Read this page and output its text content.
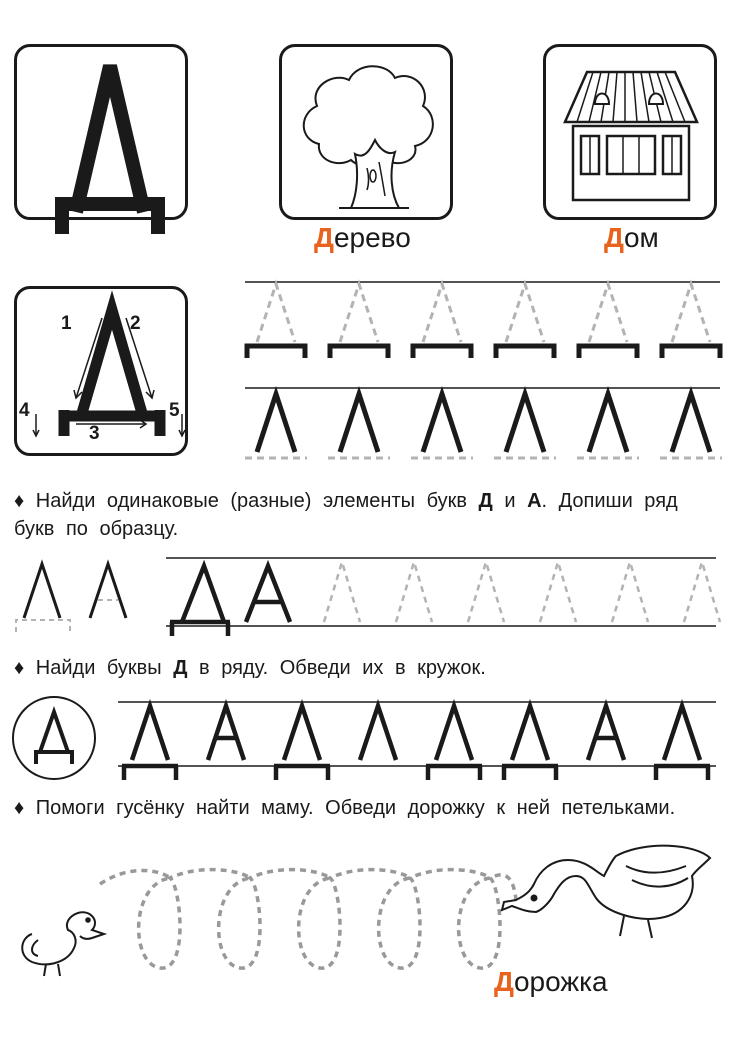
Дерево	Дом
1	2
3
4	5
♦ Найди одинаковые (разные) элементы букв Д и А. Допиши ряд букв по образцу.
♦ Найди буквы Д в ряду. Обведи их в кружок.
♦ Помоги гусёнку найти маму. Обведи дорожку к ней петельками.
Дорожка
